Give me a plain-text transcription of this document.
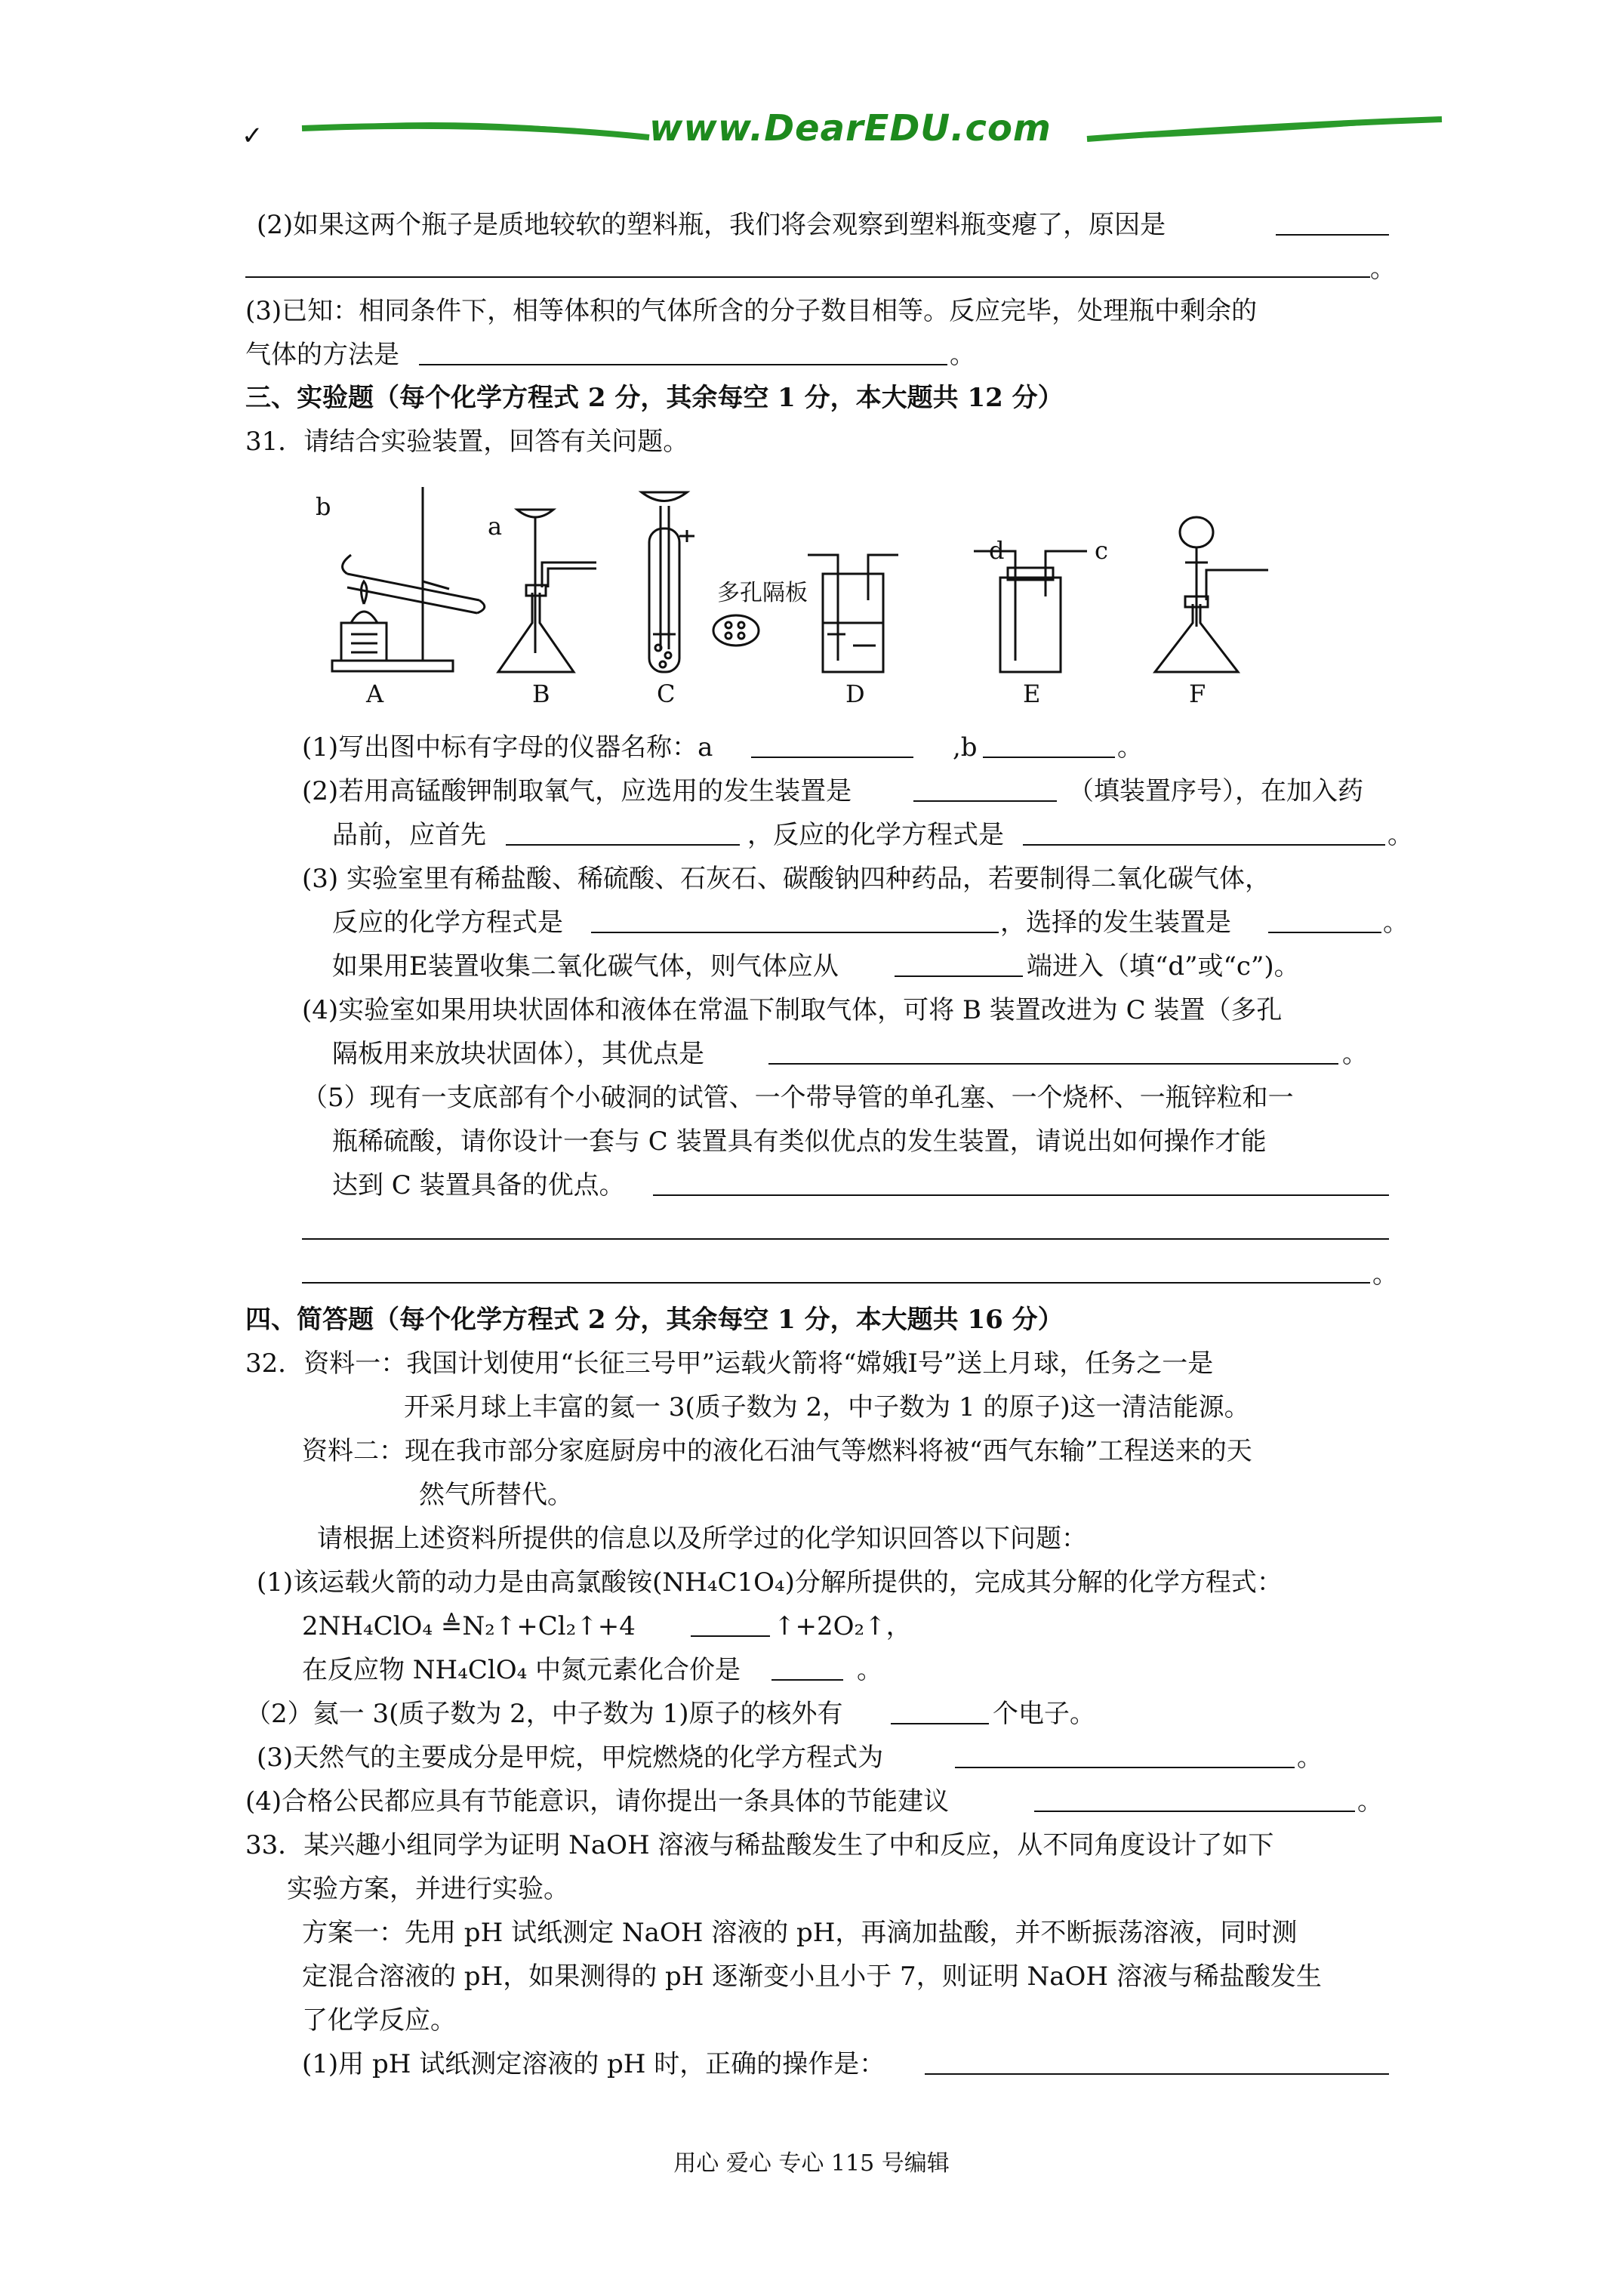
✓	www.DearEDU.com
(2)如果这两个瓶子是质地较软的塑料瓶，我们将会观察到塑料瓶变瘪了，原因是
。
(3)已知：相同条件下，相等体积的气体所含的分子数目相等。反应完毕，处理瓶中剩余的
气体的方法是	。
三、实验题（每个化学方程式 2 分，其余每空 1 分，本大题共 12 分）
31．请结合实验装置，回答有关问题。
A	B	C	D	E	F
a
b
c
d
多孔隔板
(1)写出图中标有字母的仪器名称：a	,b	。
(2)若用高锰酸钾制取氧气，应选用的发生装置是	（填装置序号），在加入药
品前，应首先	，反应的化学方程式是	。
(3) 实验室里有稀盐酸、稀硫酸、石灰石、碳酸钠四种药品，若要制得二氧化碳气体，
反应的化学方程式是	，选择的发生装置是	。
如果用E装置收集二氧化碳气体，则气体应从	端进入（填“d”或“c”)。
(4)实验室如果用块状固体和液体在常温下制取气体，可将 B 装置改进为 C 装置（多孔
隔板用来放块状固体），其优点是	。
（5）现有一支底部有个小破洞的试管、一个带导管的单孔塞、一个烧杯、一瓶锌粒和一
瓶稀硫酸，请你设计一套与 C 装置具有类似优点的发生装置，请说出如何操作才能
达到 C 装置具备的优点。
。
四、简答题（每个化学方程式 2 分，其余每空 1 分，本大题共 16 分）
32．资料一：我国计划使用“长征三号甲”运载火箭将“嫦娥Ⅰ号”送上月球，任务之一是
开采月球上丰富的氦一 3(质子数为 2，中子数为 1 的原子)这一清洁能源。
资料二：现在我市部分家庭厨房中的液化石油气等燃料将被“西气东输”工程送来的天
然气所替代。
请根据上述资料所提供的信息以及所学过的化学知识回答以下问题：
(1)该运载火箭的动力是由高氯酸铵(NH₄C1O₄)分解所提供的，完成其分解的化学方程式：
2NH₄ClO₄ ≜N₂↑+Cl₂↑+4	↑+2O₂↑，
在反应物 NH₄ClO₄ 中氮元素化合价是	。
（2）氦一 3(质子数为 2，中子数为 1)原子的核外有	个电子。
(3)天然气的主要成分是甲烷，甲烷燃烧的化学方程式为	。
(4)合格公民都应具有节能意识，请你提出一条具体的节能建议	。
33．某兴趣小组同学为证明 NaOH 溶液与稀盐酸发生了中和反应，从不同角度设计了如下
实验方案，并进行实验。
方案一：先用 pH 试纸测定 NaOH 溶液的 pH，再滴加盐酸，并不断振荡溶液，同时测
定混合溶液的 pH，如果测得的 pH 逐渐变小且小于 7，则证明 NaOH 溶液与稀盐酸发生
了化学反应。
(1)用 pH 试纸测定溶液的 pH 时，正确的操作是：
用心 爱心 专心 115 号编辑
